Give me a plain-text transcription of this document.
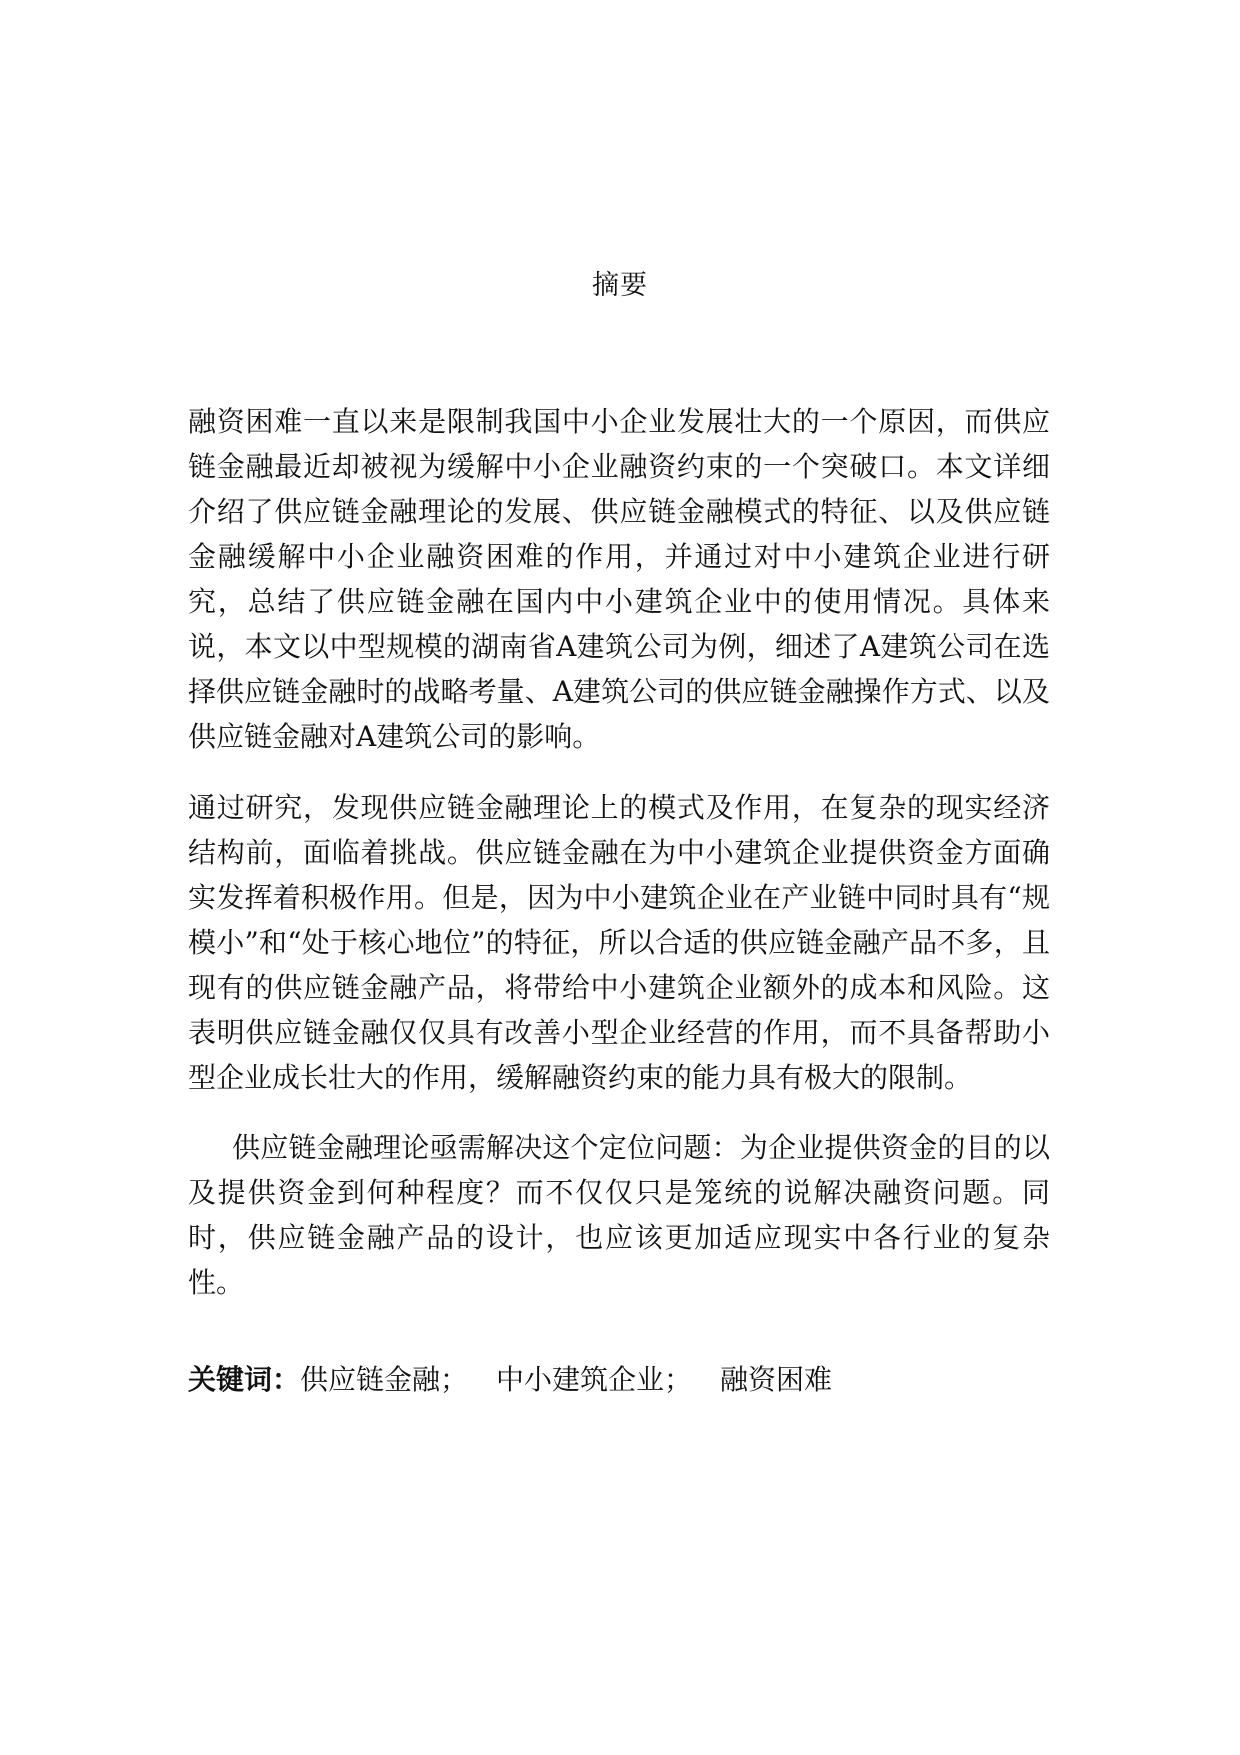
摘要

融资困难一直以来是限制我国中小企业发展壮大的一个原因，而供应链金融最近却被视为缓解中小企业融资约束的一个突破口。本文详细介绍了供应链金融理论的发展、供应链金融模式的特征、以及供应链金融缓解中小企业融资困难的作用，并通过对中小建筑企业进行研究，总结了供应链金融在国内中小建筑企业中的使用情况。具体来说，本文以中型规模的湖南省A建筑公司为例，细述了A建筑公司在选择供应链金融时的战略考量、A建筑公司的供应链金融操作方式、以及供应链金融对A建筑公司的影响。

通过研究，发现供应链金融理论上的模式及作用，在复杂的现实经济结构前，面临着挑战。供应链金融在为中小建筑企业提供资金方面确实发挥着积极作用。但是，因为中小建筑企业在产业链中同时具有“规模小”和“处于核心地位”的特征，所以合适的供应链金融产品不多，且现有的供应链金融产品，将带给中小建筑企业额外的成本和风险。这表明供应链金融仅仅具有改善小型企业经营的作用，而不具备帮助小型企业成长壮大的作用，缓解融资约束的能力具有极大的限制。

供应链金融理论亟需解决这个定位问题：为企业提供资金的目的以及提供资金到何种程度？而不仅仅只是笼统的说解决融资问题。同时，供应链金融产品的设计，也应该更加适应现实中各行业的复杂性。

关键词：供应链金融； 中小建筑企业； 融资困难
